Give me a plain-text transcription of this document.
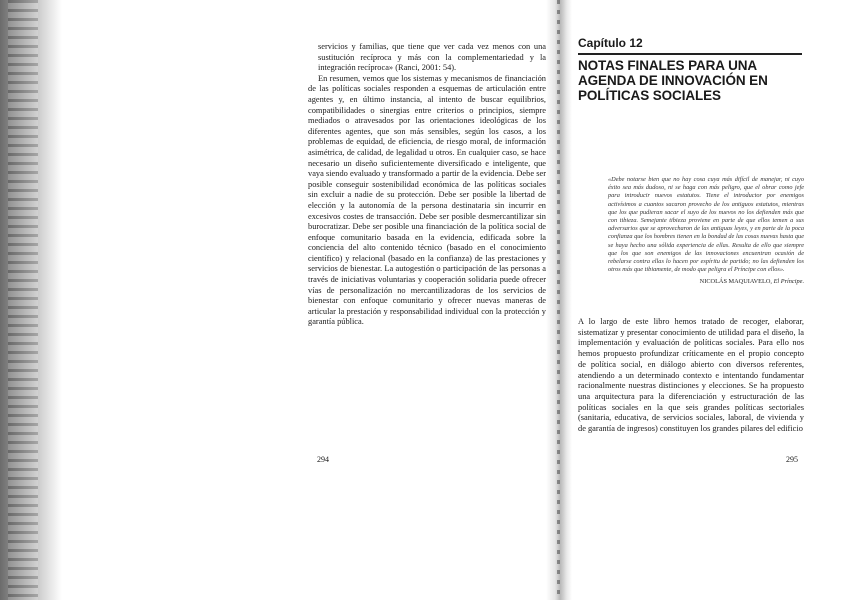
servicios y familias, que tiene que ver cada vez menos con una sustitución recíproca y más con la complementariedad y la integración recíproca» (Ranci, 2001: 54).

En resumen, vemos que los sistemas y mecanismos de financiación de las políticas sociales responden a esquemas de articulación entre agentes y, en último instancia, al intento de buscar equilibrios, compatibilidades o sinergias entre criterios o principios, siempre mediados o atravesados por las orientaciones ideológicas de los diferentes agentes, que son más sensibles, según los casos, a los problemas de equidad, de eficiencia, de riesgo moral, de información asimétrica, de calidad, de legalidad u otros. En cualquier caso, se hace necesario un diseño suficientemente diversificado e inteligente, que vaya siendo evaluado y transformado a partir de la evidencia. Debe ser posible conseguir sostenibilidad económica de las políticas sociales sin excluir a nadie de su protección. Debe ser posible la libertad de elección y la autonomía de la persona destinataria sin incurrir en excesivos costes de transacción. Debe ser posible desmercantilizar sin burocratizar. Debe ser posible una financiación de la política social de enfoque comunitario basada en la evidencia, edificada sobre la conciencia del alto contenido técnico (basado en el conocimiento científico) y relacional (basado en la confianza) de las prestaciones y servicios de bienestar. La autogestión o participación de las personas a través de iniciativas voluntarias y cooperación solidaria puede ofrecer vías de personalización no mercantilizadoras de los servicios de bienestar con enfoque comunitario y ofrecer nuevas maneras de articular la prestación y responsabilidad individual con la protección y garantía pública.

294
Capítulo 12
NOTAS FINALES PARA UNA AGENDA DE INNOVACIÓN EN POLÍTICAS SOCIALES

«Debe notarse bien que no hay cosa cuya más difícil de manejar, ni cuyo éxito sea más dudoso, ni se haga con más peligro, que el obrar como jefe para introducir nuevos estatutos. Tiene el introductor por enemigos activísimos a cuantos sacaron provecho de los antiguos estatutos, mientras que los que pudieran sacar el suyo de los nuevos no los defienden más que con tibieza. Semejante tibieza proviene en parte de que ellos temen a sus adversarios que se aprovecharon de las antiguas leyes, y en parte de la poca confianza que los hombres tienen en la bondad de las cosas nuevas hasta que se haya hecho una sólida experiencia de ellas. Resulta de ello que siempre que los que son enemigos de las innovaciones encuentran ocasión de rebelarse contra ellas lo hacen por espíritu de partido; no las defienden los otros más que tibiamente, de modo que peligra el Príncipe con ellos».

NICOLÁS MAQUIAVELO, El Príncipe.

A lo largo de este libro hemos tratado de recoger, elaborar, sistematizar y presentar conocimiento de utilidad para el diseño, la implementación y evaluación de políticas sociales. Para ello nos hemos propuesto profundizar críticamente en el propio concepto de política social, en diálogo abierto con diversos referentes, atendiendo a un determinado contexto e intentando fundamentar racionalmente nuestras distinciones y elecciones. Se ha propuesto una arquitectura para la diferenciación y estructuración de las políticas sociales en la que seis grandes políticas sectoriales (sanitaria, educativa, de servicios sociales, laboral, de vivienda y de garantía de ingresos) constituyen los grandes pilares del edificio

295
